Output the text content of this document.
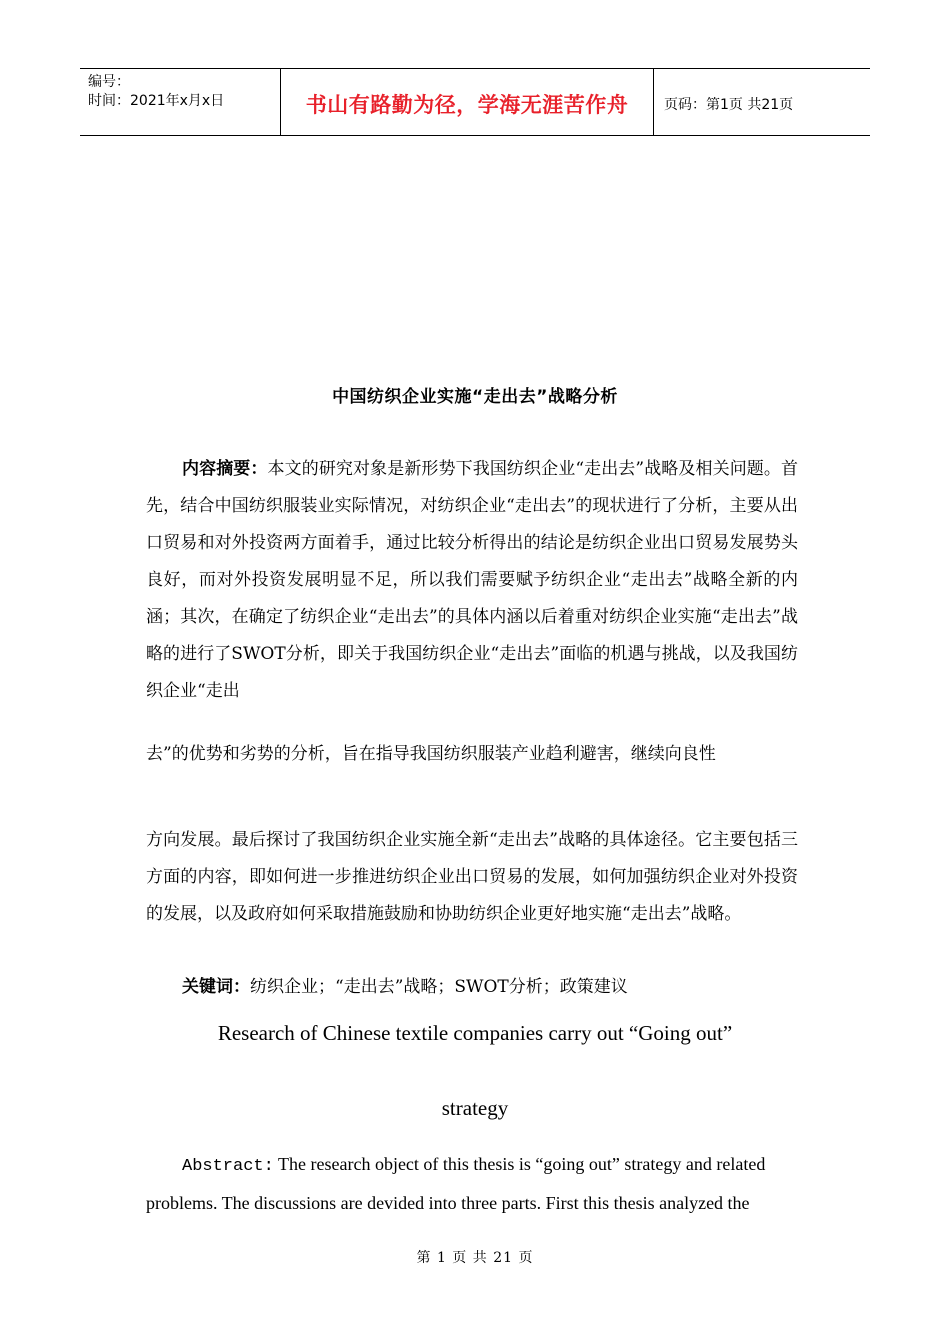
编号：
时间：2021年x月x日	书山有路勤为径，学海无涯苦作舟	页码：第1页 共21页
中国纺织企业实施“走出去”战略分析
内容摘要：本文的研究对象是新形势下我国纺织企业“走出去”战略及相关问题。首先，结合中国纺织服装业实际情况，对纺织企业“走出去”的现状进行了分析，主要从出口贸易和对外投资两方面着手，通过比较分析得出的结论是纺织企业出口贸易发展势头良好，而对外投资发展明显不足，所以我们需要赋予纺织企业“走出去”战略全新的内涵；其次，在确定了纺织企业“走出去”的具体内涵以后着重对纺织企业实施“走出去”战略的进行了SWOT分析，即关于我国纺织企业“走出去”面临的机遇与挑战，以及我国纺织企业“走出
去”的优势和劣势的分析，旨在指导我国纺织服装产业趋利避害，继续向良性
方向发展。最后探讨了我国纺织企业实施全新“走出去”战略的具体途径。它主要包括三方面的内容，即如何进一步推进纺织企业出口贸易的发展，如何加强纺织企业对外投资的发展，以及政府如何采取措施鼓励和协助纺织企业更好地实施“走出去”战略。
关键词：纺织企业；“走出去”战略；SWOT分析；政策建议
Research of Chinese textile companies carry out “Going out”
strategy
Abstract: The research object of this thesis is “going out” strategy and related
problems. The discussions are devided into three parts. First this thesis analyzed the
第 1 页 共 21 页
